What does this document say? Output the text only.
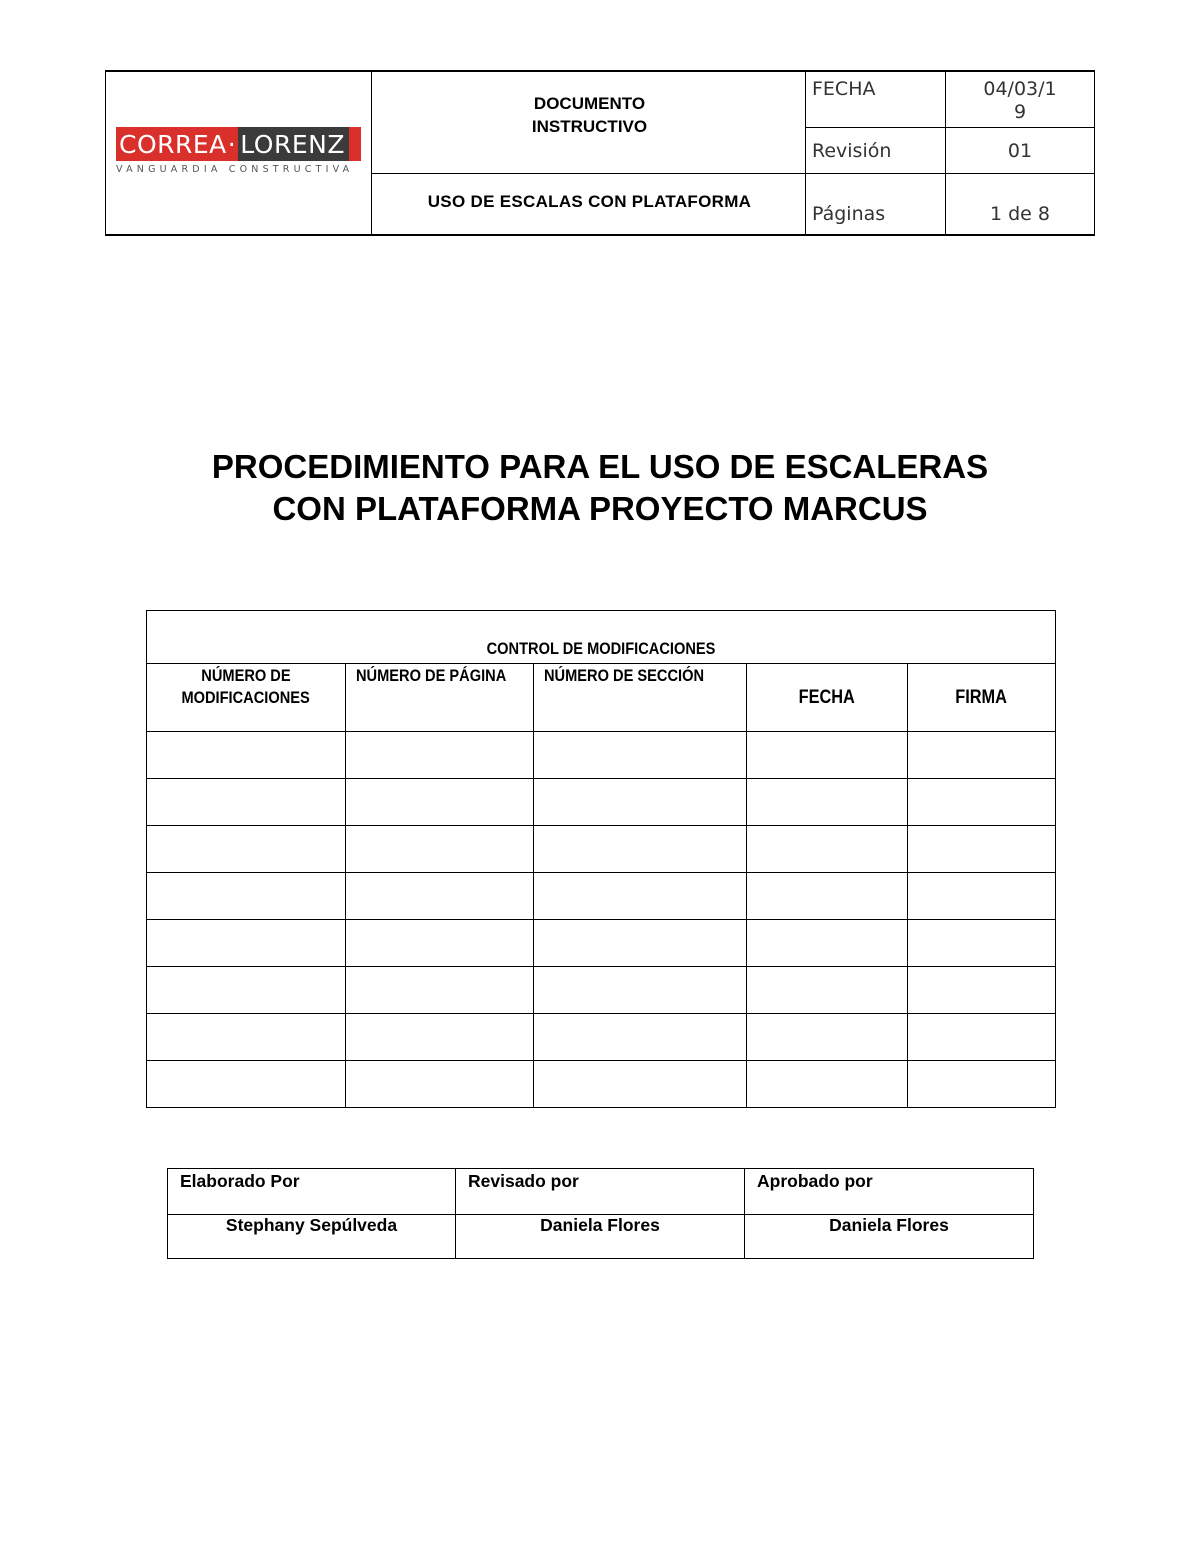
CORREA · LORENZ
VANGUARDIA CONSTRUCTIVA
DOCUMENTO
INSTRUCTIVO
USO DE ESCALAS CON PLATAFORMA
FECHA	04/03/1
9
Revisión	01
Páginas	1 de 8
PROCEDIMIENTO PARA EL USO DE ESCALERAS
CON PLATAFORMA PROYECTO MARCUS
CONTROL DE MODIFICACIONES				
NÚMERO DE
MODIFICACIONES	NÚMERO DE PÁGINA	NÚMERO DE SECCIÓN	FECHA	FIRMA

Elaborado Por	Revisado por	Aprobado por
Stephany Sepúlveda	Daniela Flores	Daniela Flores
